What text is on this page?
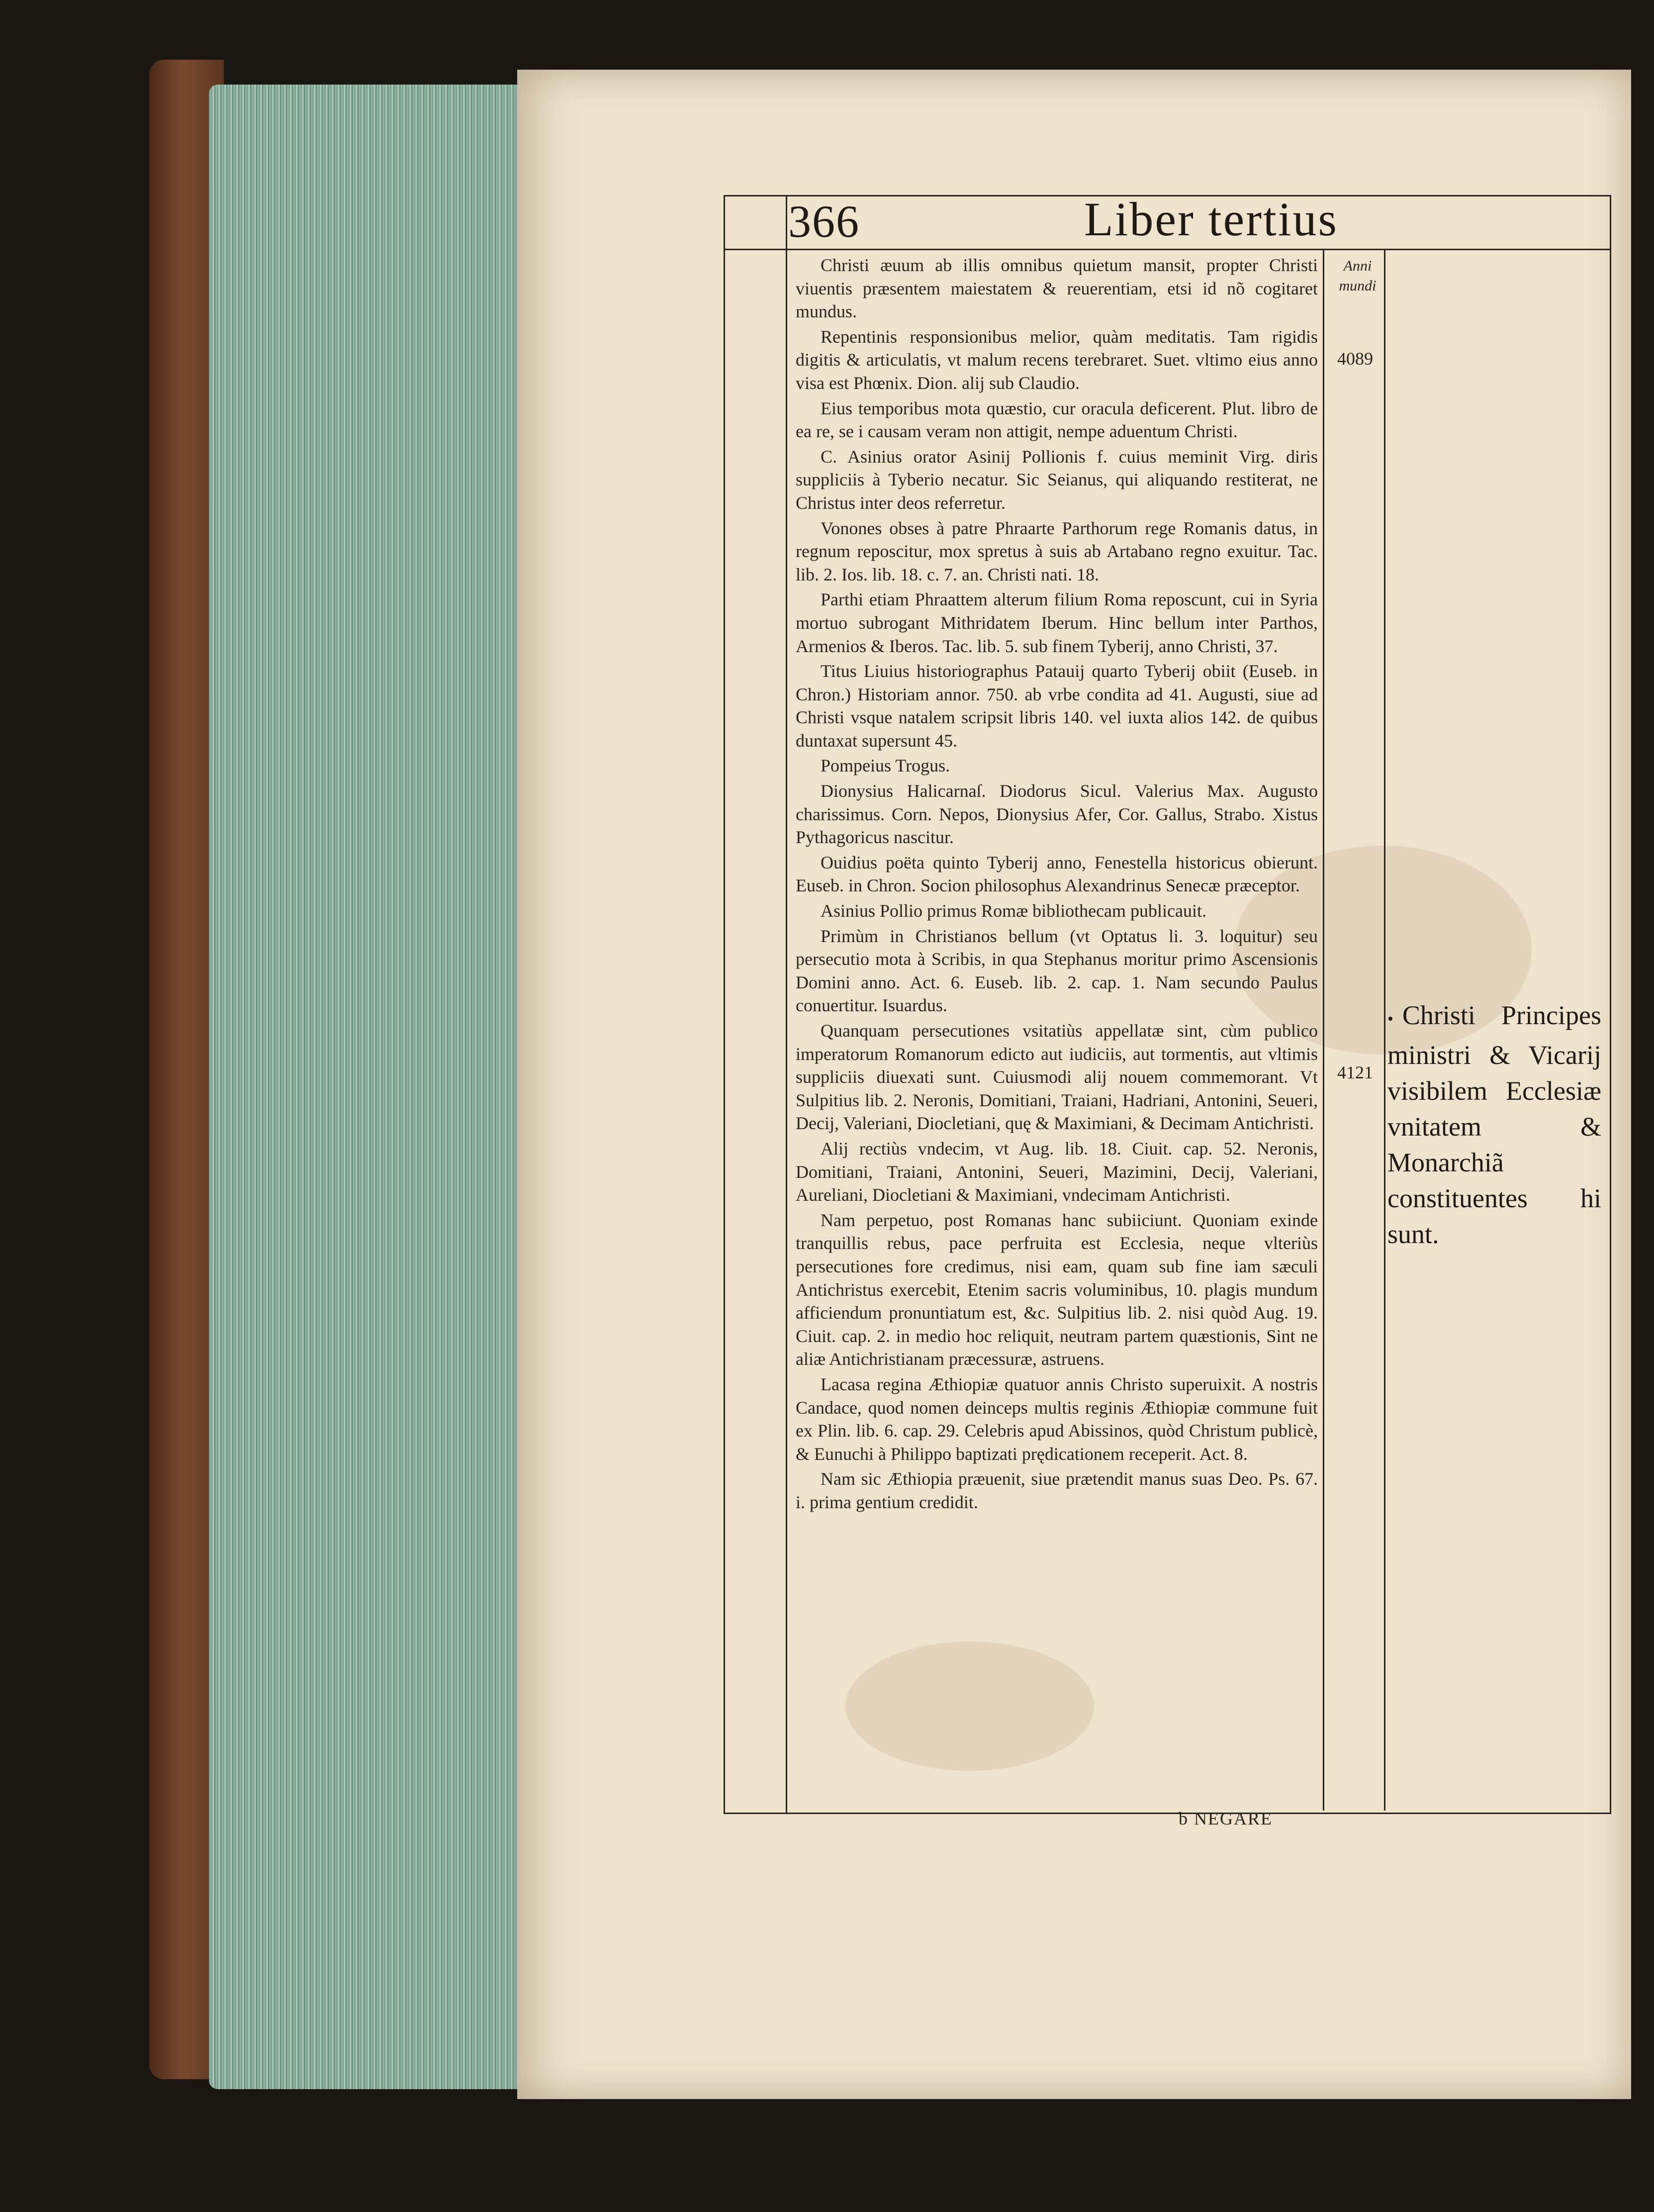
366	Liber tertius
Anni mundi
4089
4121

Christi æuum ab illis omnibus quietum mansit, propter Christi viuentis præsentem maiestatem & reuerentiam, etsi id nõ cogitaret mundus.

Repentinis responsionibus melior, quàm meditatis. Tam rigidis digitis & articulatis, vt malum recens terebraret. Suet. vltimo eius anno visa est Phœnix. Dion. alij sub Claudio.

Eius temporibus mota quæstio, cur oracula deficerent. Plut. libro de ea re, se i causam veram non attigit, nempe aduentum Christi.

C. Asinius orator Asinij Pollionis f. cuius meminit Virg. diris suppliciis à Tyberio necatur. Sic Seianus, qui aliquando restiterat, ne Christus inter deos referretur.

Vonones obses à patre Phraarte Parthorum rege Romanis datus, in regnum reposcitur, mox spretus à suis ab Artabano regno exuitur. Tac. lib. 2. Ios. lib. 18. c. 7. an. Christi nati. 18.

Parthi etiam Phraattem alterum filium Roma reposcunt, cui in Syria mortuo subrogant Mithridatem Iberum. Hinc bellum inter Parthos, Armenios & Iberos. Tac. lib. 5. sub finem Tyberij, anno Christi, 37.

Titus Liuius historiographus Patauij quarto Tyberij obiit (Euseb. in Chron.) Historiam annor. 750. ab vrbe condita ad 41. Augusti, siue ad Christi vsque natalem scripsit libris 140. vel iuxta alios 142. de quibus duntaxat supersunt 45.

Pompeius Trogus.

Dionysius Halicarnaſ. Diodorus Sicul. Valerius Max. Augusto charissimus. Corn. Nepos, Dionysius Afer, Cor. Gallus, Strabo. Xistus Pythagoricus nascitur.

Ouidius poëta quinto Tyberij anno, Fenestella historicus obierunt. Euseb. in Chron. Socion philosophus Alexandrinus Senecæ præceptor.

Asinius Pollio primus Romæ bibliothecam publicauit.

Primùm in Christianos bellum (vt Optatus li. 3. loquitur) seu persecutio mota à Scribis, in qua Stephanus moritur primo Ascensionis Domini anno. Act. 6. Euseb. lib. 2. cap. 1. Nam secundo Paulus conuertitur. Isuardus.

Quanquam persecutiones vsitatiùs appellatæ sint, cùm publico imperatorum Romanorum edicto aut iudiciis, aut tormentis, aut vltimis suppliciis diuexati sunt. Cuiusmodi alij nouem commemorant. Vt Sulpitius lib. 2. Neronis, Domitiani, Traiani, Hadriani, Antonini, Seueri, Decij, Valeriani, Diocletiani, quę & Maximiani, & Decimam Antichristi.

Alij rectiùs vndecim, vt Aug. lib. 18. Ciuit. cap. 52. Neronis, Domitiani, Traiani, Antonini, Seueri, Mazimini, Decij, Valeriani, Aureliani, Diocletiani & Maximiani, vndecimam Antichristi.

Nam perpetuo, post Romanas hanc subiiciunt. Quoniam exinde tranquillis rebus, pace perfruita est Ecclesia, neque vlteriùs persecutiones fore credimus, nisi eam, quam sub fine iam sæculi Antichristus exercebit, Etenim sacris voluminibus, 10. plagis mundum afficiendum pronuntiatum est, &c. Sulpitius lib. 2. nisi quòd Aug. 19. Ciuit. cap. 2. in medio hoc reliquit, neutram partem quæstionis, Sint ne aliæ Antichristianam præcessuræ, astruens.

Lacasa regina Æthiopiæ quatuor annis Christo superuixit. A nostris Candace, quod nomen deinceps multis reginis Æthiopiæ commune fuit ex Plin. lib. 6. cap. 29. Celebris apud Abissinos, quòd Christum publicè, & Eunuchi à Philippo baptizati prędicationem receperit. Act. 8.

Nam sic Æthiopia præuenit, siue prætendit manus suas Deo. Ps. 67. i. prima gentium credidit.

• Christi Principes ministri & Vicarij visibilem Ecclesiæ vnitatem & Monarchiã constituentes hi sunt.
b NEGARE
